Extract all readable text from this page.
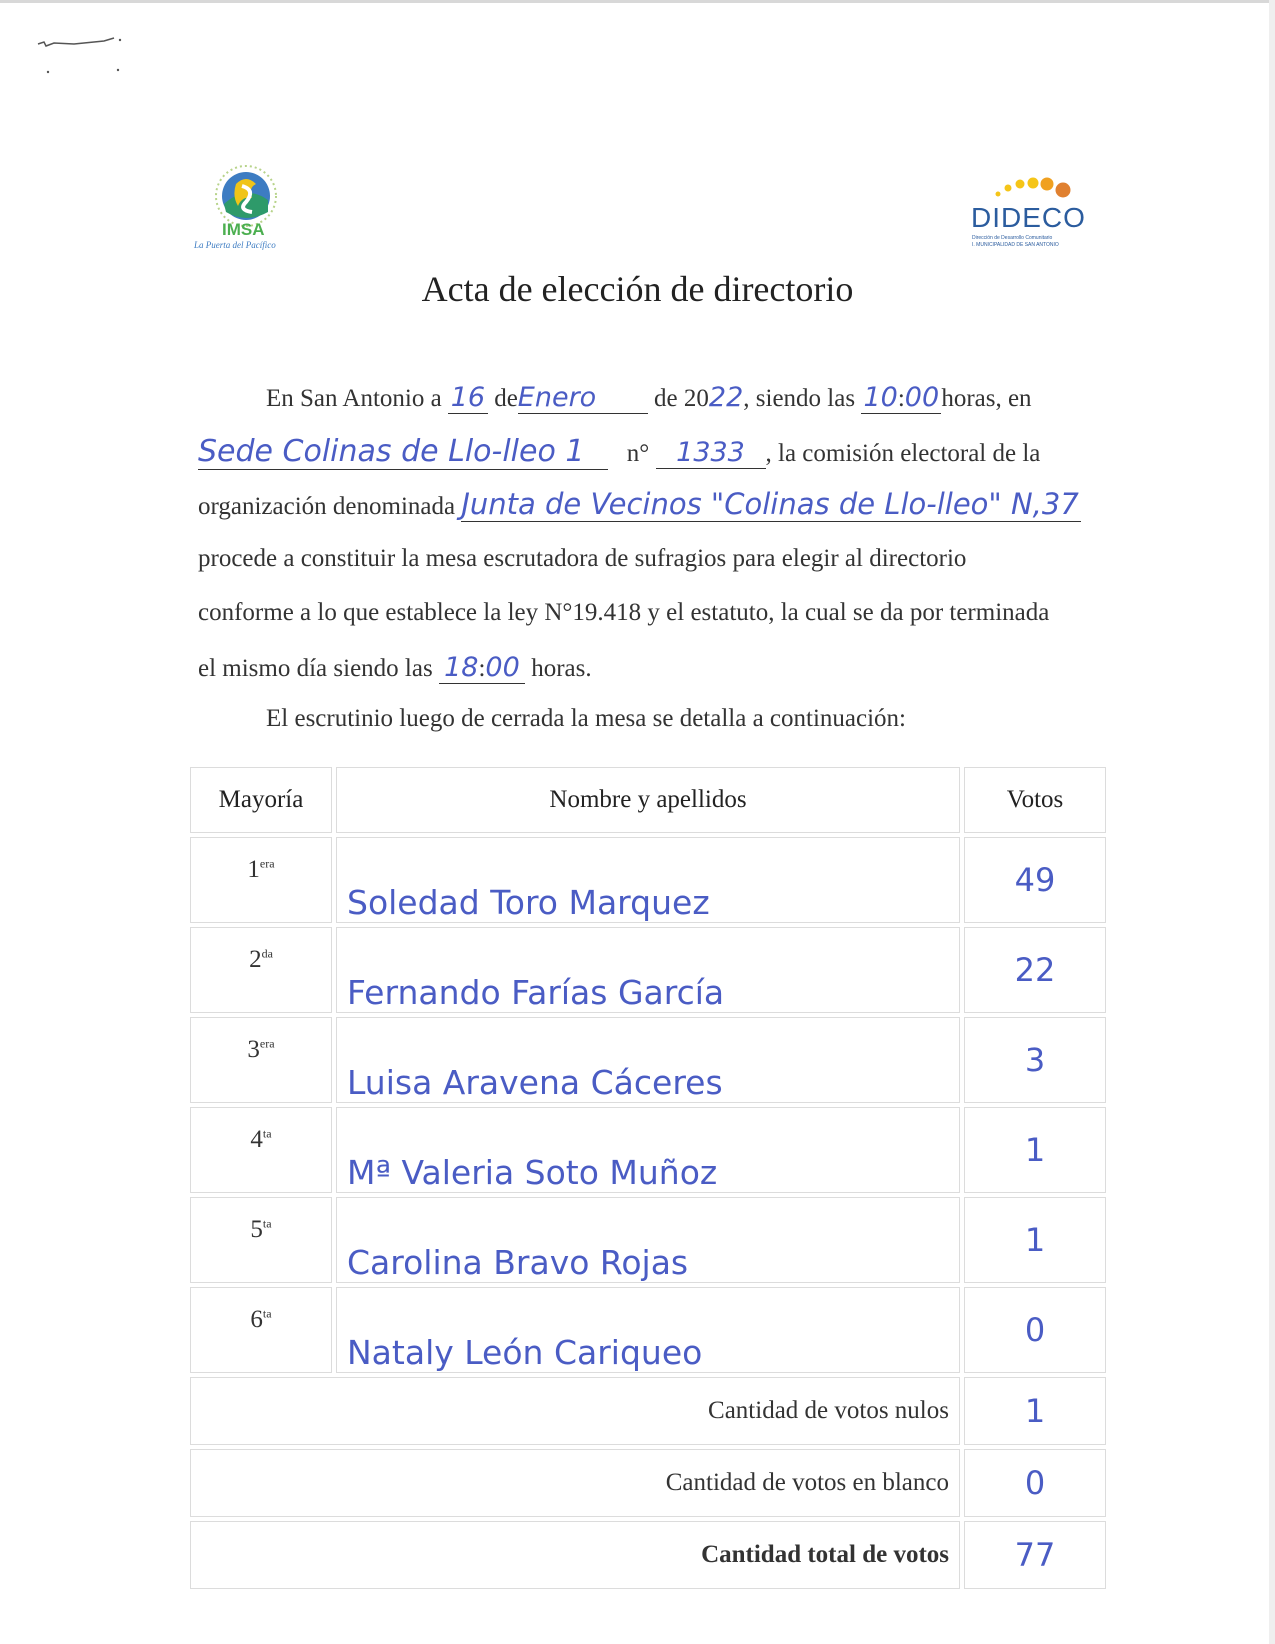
IMSA
La Puerta del Pacífico
DIDECO
Dirección de Desarrollo Comunitario
I. MUNICIPALIDAD DE SAN ANTONIO
Acta de elección de directorio
En San Antonio a 16 deEnero de 2022, siendo las 10:00horas, en
Sede Colinas de Llo-lleo 1 n° 1333 , la comisión electoral de la
organización denominada Junta de Vecinos "Colinas de Llo-lleo" N,37
procede a constituir la mesa escrutadora de sufragios para elegir al directorio
conforme a lo que establece la ley N°19.418 y el estatuto, la cual se da por terminada
el mismo día siendo las 18:00 horas.
El escrutinio luego de cerrada la mesa se detalla a continuación:
Mayoría	Nombre y apellidos	Votos
$1^{era}$	Soledad Toro Marquez	49
$2^{da}$	Fernando Farías García	22
$3^{era}$	Luisa Aravena Cáceres	3
$4^{ta}$	Mª Valeria Soto Muñoz	1
$5^{ta}$	Carolina Bravo Rojas	1
$6^{ta}$	Nataly León Cariqueo	0
Cantidad de votos nulos		1
Cantidad de votos en blanco		0
Cantidad total de votos		77
